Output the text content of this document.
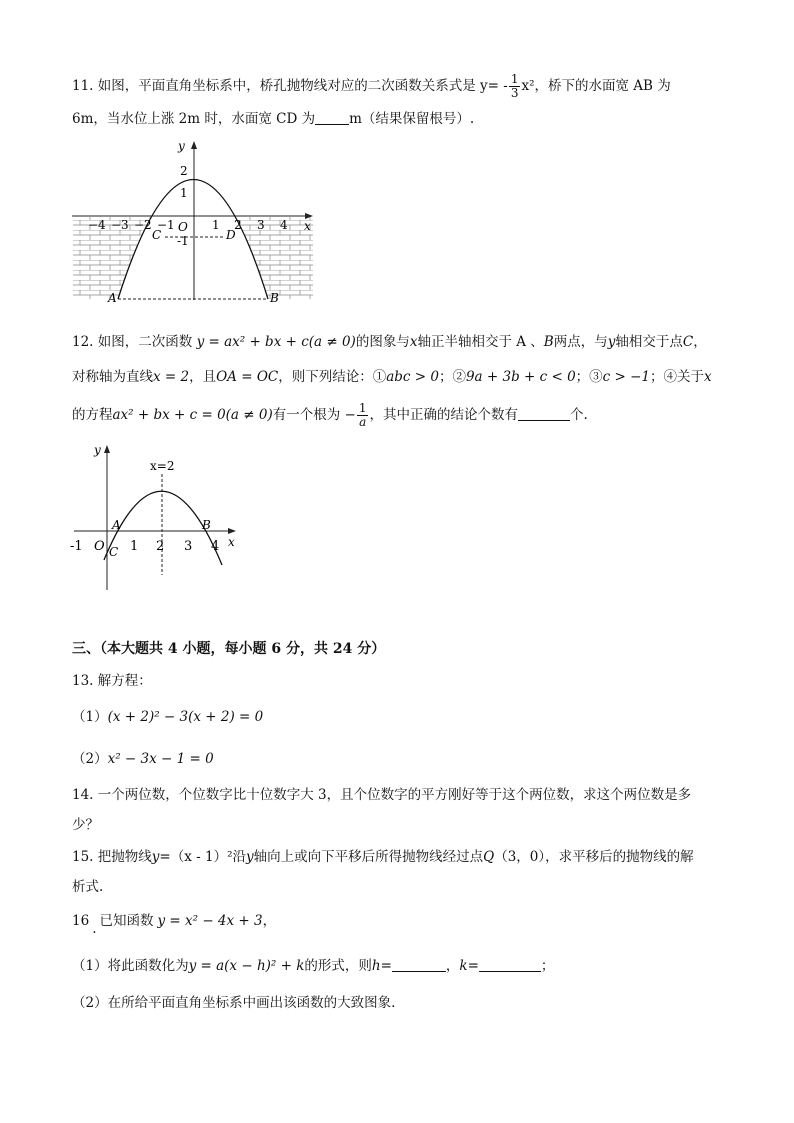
11. 如图，平面直角坐标系中，桥孔抛物线对应的二次函数关系式是 $y= - \frac{1}{3} x^2$，桥下的水面宽 AB 为
6m，当水位上涨 2m 时，水面宽 CD 为	m（结果保留根号）.
y
x
2
1
-1
−4 −3 −2 −1	1 2 3 4
O
C	D
A	B
12. 如图，二次函数 y = ax² + bx + c(a ≠ 0)的图象与x轴正半轴相交于 A 、B两点，与y轴相交于点C，
对称轴为直线x = 2，且OA = OC，则下列结论：①abc > 0；②9a + 3b + c < 0；③c > −1；④关于x
的方程ax² + bx + c = 0(a ≠ 0)有一个根为 − $\frac{1}{a}$ ，其中正确的结论个数有	个.
y
x
x=2
-1 O 1 2 3 4
A	B
C
三、（本大题共 4 小题，每小题 6 分，共 24 分）
13. 解方程：
（1）(x + 2)² − 3(x + 2) = 0
（2）x² − 3x − 1 = 0
14. 一个两位数，个位数字比十位数字大 3，且个位数字的平方刚好等于这个两位数，求这个两位数是多
少？
15. 把抛物线y=（x - 1）²沿y轴向上或向下平移后所得抛物线经过点Q（3，0），求平移后的抛物线的解
析式.
16 . 已知函数 y = x² − 4x + 3，
（1）将此函数化为y = a(x − h)² + k的形式，则h=	，k=	；
（2）在所给平面直角坐标系中画出该函数的大致图象.
